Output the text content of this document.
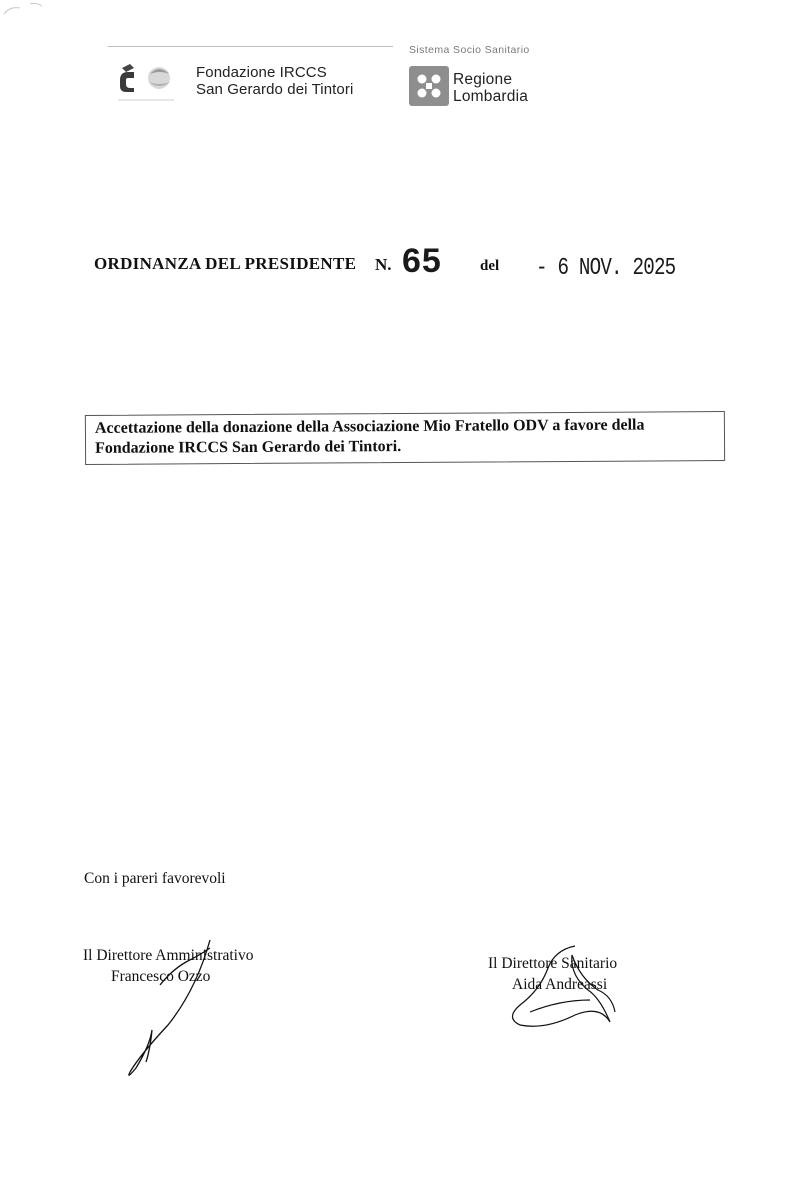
Fondazione IRCCS
San Gerardo dei Tintori
Sistema Socio Sanitario
Regione
Lombardia
ORDINANZA DEL PRESIDENTE N. 65	del - 6 NOV. 2025
Accettazione della donazione della Associazione Mio Fratello ODV a favore della
Fondazione IRCCS San Gerardo dei Tintori.
Con i pareri favorevoli
Il Direttore Amministrativo
Francesco Ozzo
Il Direttore Sanitario
Aida Andreassi
